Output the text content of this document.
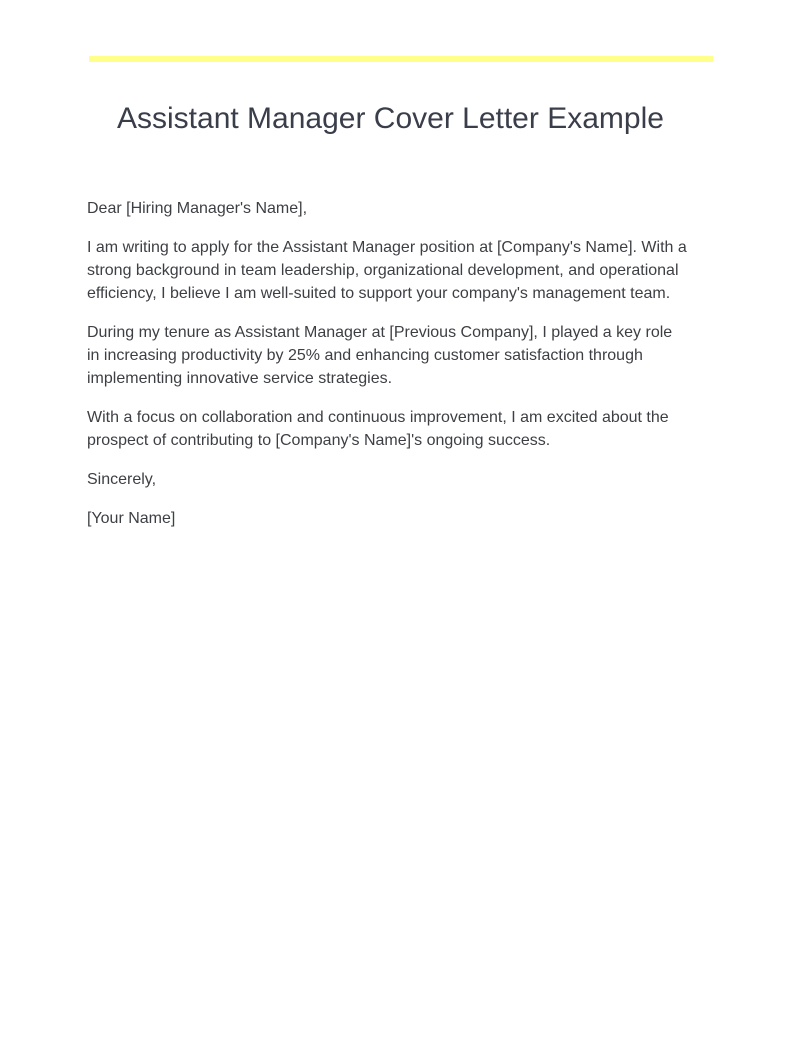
Assistant Manager Cover Letter Example

Dear [Hiring Manager's Name],

I am writing to apply for the Assistant Manager position at [Company's Name]. With a strong background in team leadership, organizational development, and operational efficiency, I believe I am well-suited to support your company's management team.

During my tenure as Assistant Manager at [Previous Company], I played a key role in increasing productivity by 25% and enhancing customer satisfaction through implementing innovative service strategies.

With a focus on collaboration and continuous improvement, I am excited about the prospect of contributing to [Company's Name]'s ongoing success.

Sincerely,

[Your Name]
